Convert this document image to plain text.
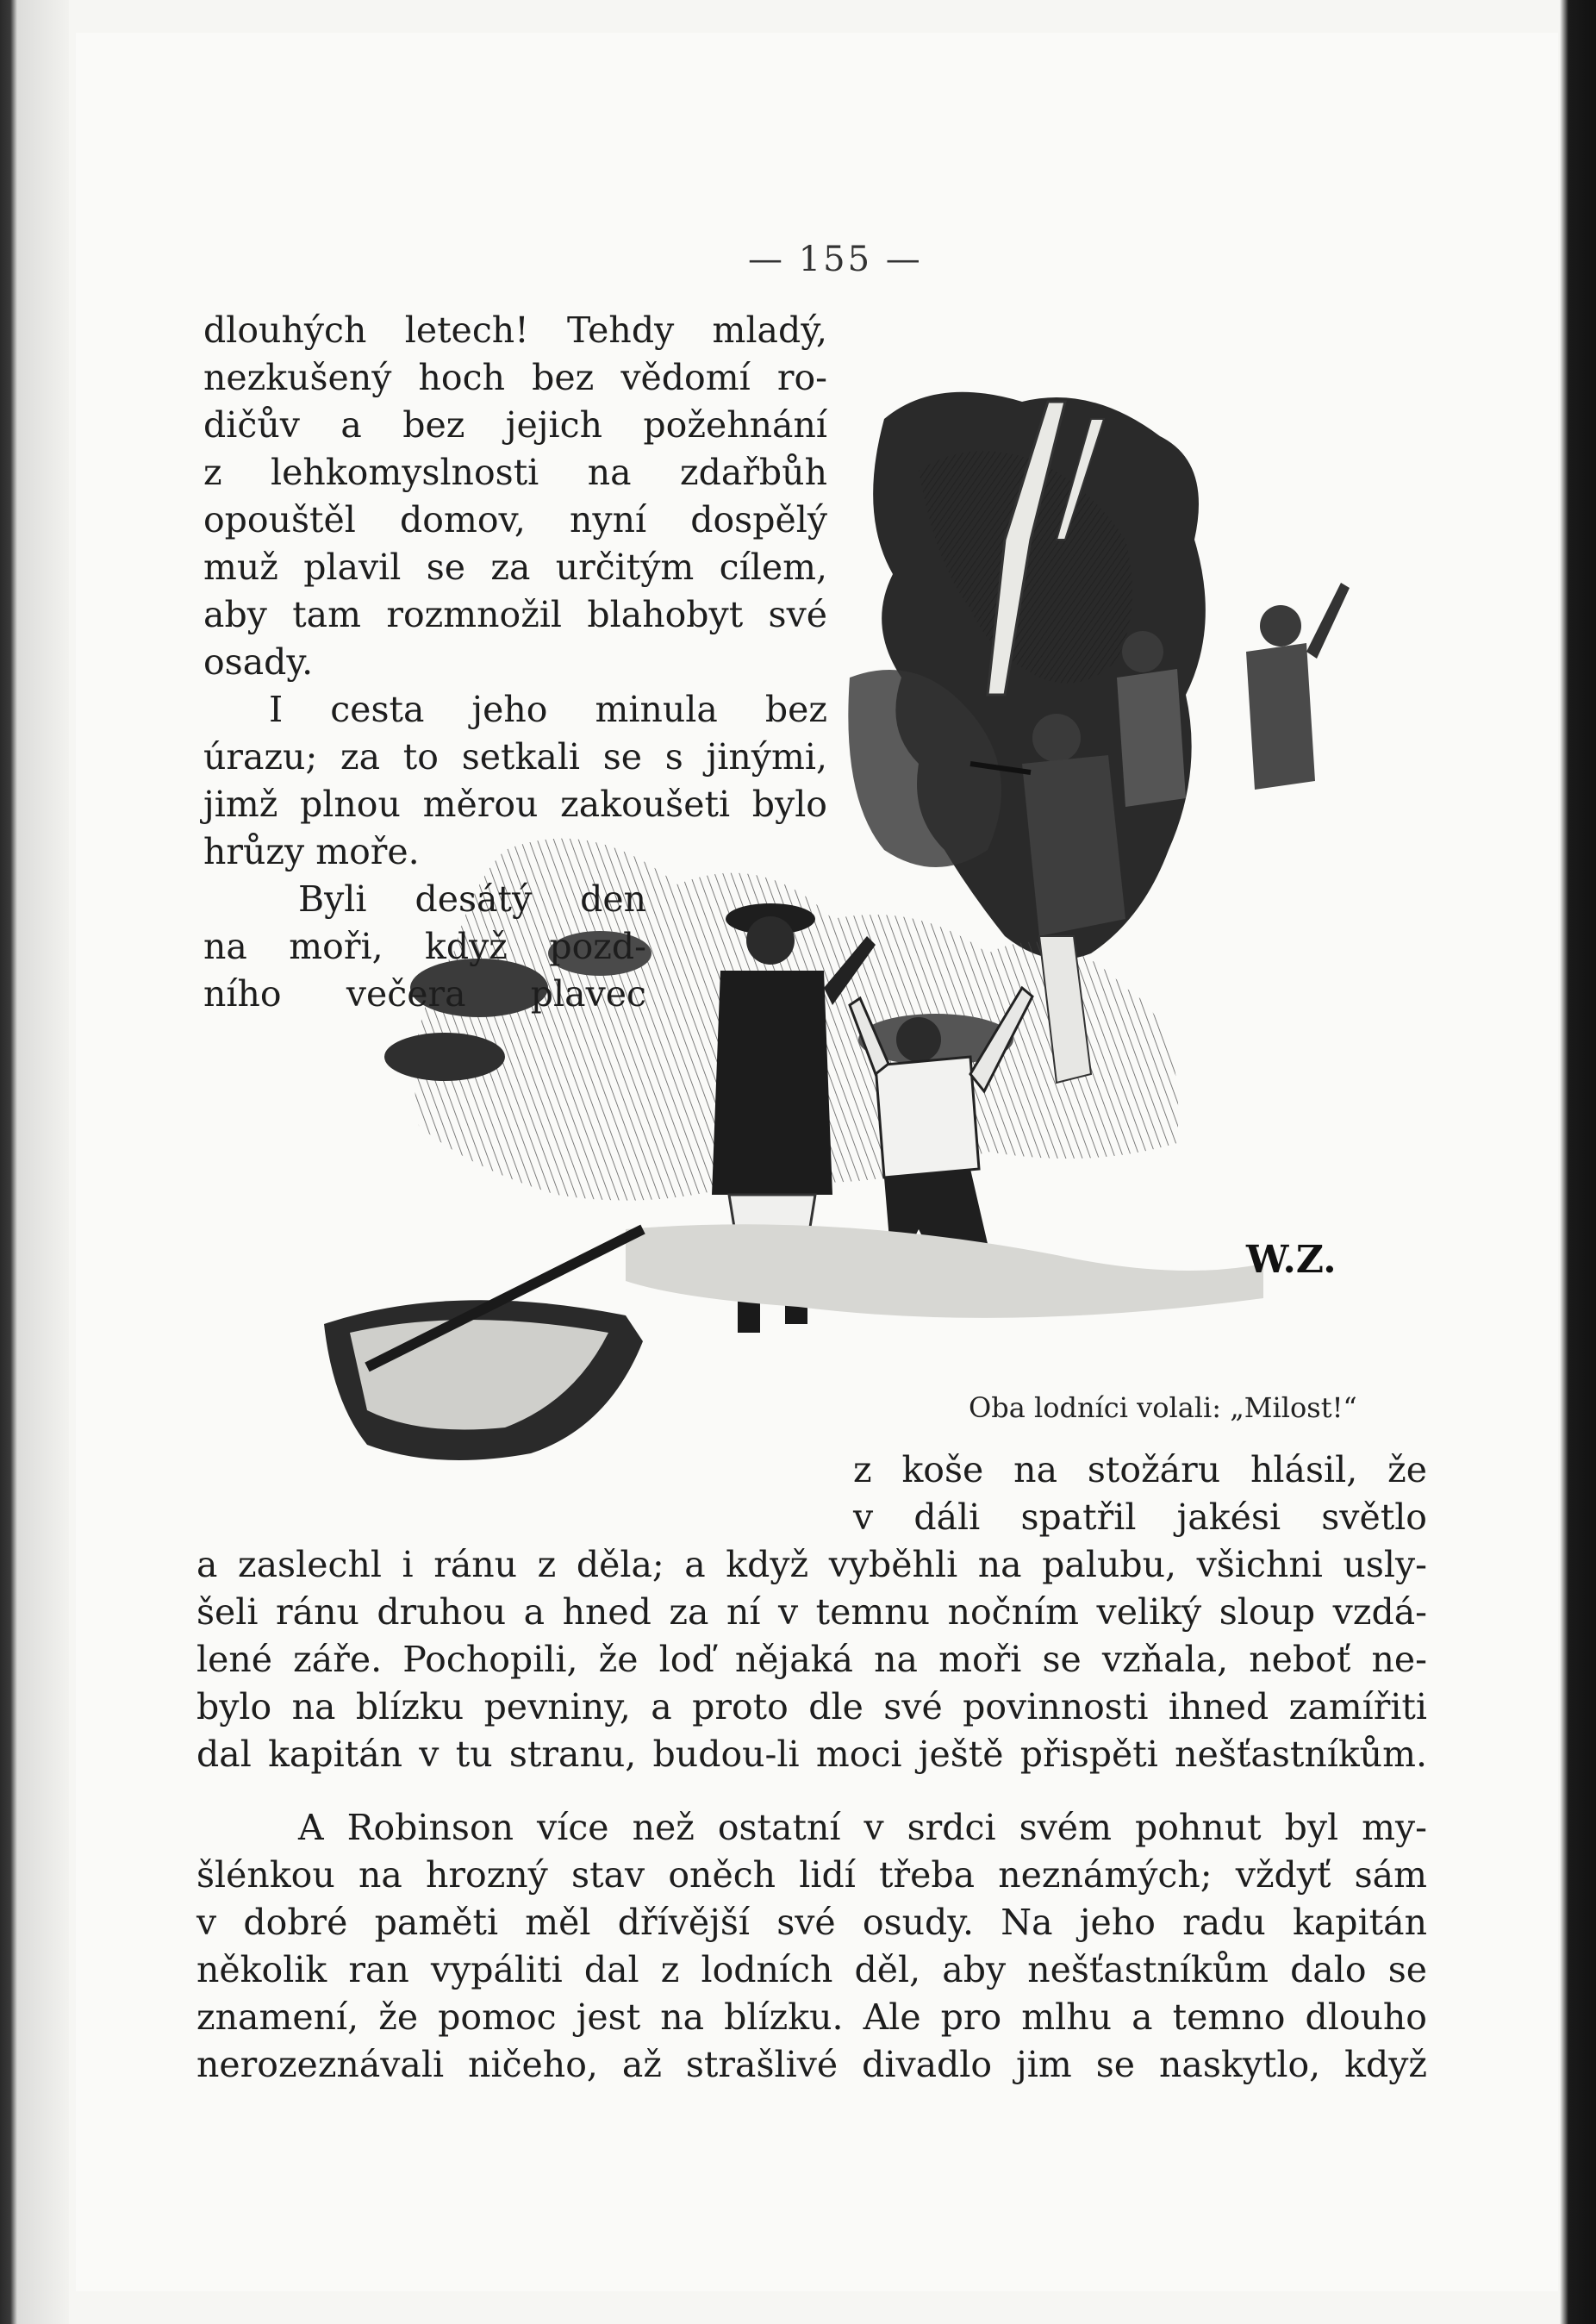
— 155 —
W.Z.
dlouhých letech! Tehdy mladý,
nezkušený hoch bez vědomí ro-
dičův a bez jejich požehnání
z lehkomyslnosti na zdařbůh
opouštěl domov, nyní dospělý
muž plavil se za určitým cílem,
aby tam rozmnožil blahobyt své
osady.
I cesta jeho minula bez
úrazu; za to setkali se s jinými,
jimž plnou měrou zakoušeti bylo
hrůzy moře.
Byli desátý den
na moři, když pozd-
ního večera plavec
Oba lodníci volali: „Milost!“
z koše na stožáru hlásil, že
v dáli spatřil jakési světlo
a zaslechl i ránu z děla; a když vyběhli na palubu, všichni usly-
šeli ránu druhou a hned za ní v temnu nočním veliký sloup vzdá-
lené záře. Pochopili, že loď nějaká na moři se vzňala, neboť ne-
bylo na blízku pevniny, a proto dle své povinnosti ihned zamířiti
dal kapitán v tu stranu, budou-li moci ještě přispěti nešťastníkům.
A Robinson více než ostatní v srdci svém pohnut byl my-
šlénkou na hrozný stav oněch lidí třeba neznámých; vždyť sám
v dobré paměti měl dřívější své osudy. Na jeho radu kapitán
několik ran vypáliti dal z lodních děl, aby nešťastníkům dalo se
znamení, že pomoc jest na blízku. Ale pro mlhu a temno dlouho
nerozeznávali ničeho, až strašlivé divadlo jim se naskytlo, když
